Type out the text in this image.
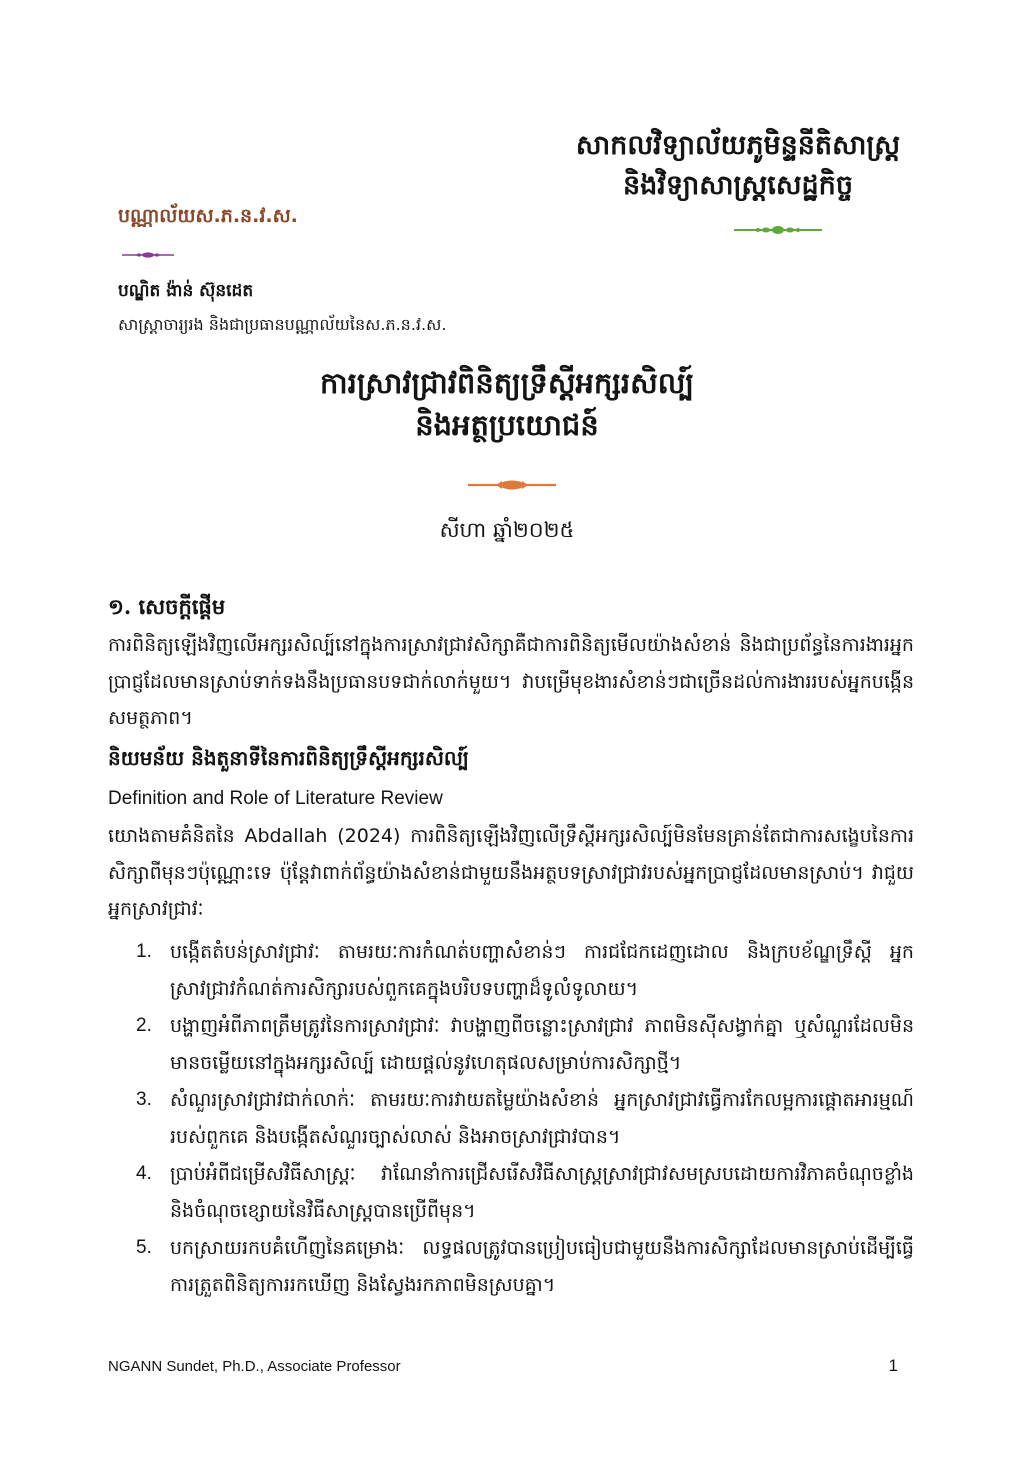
សាកលវិទ្យាល័យភូមិន្ទនីតិសាស្រ្ត
និងវិទ្យាសាស្រ្តសេដ្ឋកិច្ច
បណ្ណាល័យស.ភ.ន.វ.ស.
បណ្ឌិត ង៉ាន់ ស៊ុនដេត
សាស្ត្រាចារ្យរង និងជាប្រធានបណ្ណាល័យនៃស.ភ.ន.វ.ស.
ការស្រាវជ្រាវពិនិត្យទ្រឹស្តីអក្សរសិល្ប៍
និងអត្ថប្រយោជន៍
សីហា ឆ្នាំ២០២៥
១. សេចក្តីផ្តើម
ការពិនិត្យឡើងវិញលើអក្សរសិល្ប៍នៅក្នុងការស្រាវជ្រាវសិក្សាគឺជាការពិនិត្យមើលយ៉ាងសំខាន់ និងជាប្រព័ន្ធនៃការងារអ្នកប្រាជ្ញដែលមានស្រាប់ទាក់ទងនឹងប្រធានបទជាក់លាក់មួយ។ វាបម្រើមុខងារសំខាន់ៗជាច្រើនដល់ការងាររបស់អ្នកបង្កើនសមត្ថភាព។
និយមន័យ និងតួនាទីនៃការពិនិត្យទ្រឹស្តីអក្សរសិល្ប៍
Definition and Role of Literature Review
យោងតាមគំនិតនៃ Abdallah (2024) ការពិនិត្យឡើងវិញលើទ្រឹស្តីអក្សរសិល្ប៍មិនមែនគ្រាន់តែជាការសង្ខេបនៃការសិក្សាពីមុនៗប៉ុណ្ណោះទេ ប៉ុន្តែវាពាក់ព័ន្ធយ៉ាងសំខាន់ជាមួយនឹងអត្ថបទស្រាវជ្រាវរបស់អ្នកប្រាជ្ញដែលមានស្រាប់។ វាជួយអ្នកស្រាវជ្រាវៈ
1. បង្កើតតំបន់ស្រាវជ្រាវៈ តាមរយៈការកំណត់បញ្ហាសំខាន់ៗ ការជជែកដេញដោល និងក្របខ័ណ្ឌទ្រឹស្តី អ្នកស្រាវជ្រាវកំណត់ការសិក្សារបស់ពួកគេក្នុងបរិបទបញ្ហាដ៏ទូលំទូលាយ។
2. បង្ហាញអំពីភាពត្រឹមត្រូវនៃការស្រាវជ្រាវៈ វាបង្ហាញពីចន្លោះស្រាវជ្រាវ ភាពមិនស៊ីសង្វាក់គ្នា ឬសំណួរដែលមិនមានចម្លើយនៅក្នុងអក្សរសិល្ប៍ ដោយផ្តល់នូវហេតុផលសម្រាប់ការសិក្សាថ្មី។
3. សំណួរស្រាវជ្រាវជាក់លាក់ៈ តាមរយៈការវាយតម្លៃយ៉ាងសំខាន់ អ្នកស្រាវជ្រាវធ្វើការកែលម្អការផ្តោតអារម្មណ៍របស់ពួកគេ និងបង្កើតសំណួរច្បាស់លាស់ និងអាចស្រាវជ្រាវបាន។
4. ប្រាប់អំពីជម្រើសវិធីសាស្រ្តៈ វាណែនាំការជ្រើសរើសវិធីសាស្រ្តស្រាវជ្រាវសមស្របដោយការវិភាគចំណុចខ្លាំង និងចំណុចខ្សោយនៃវិធីសាស្រ្តបានប្រើពីមុន។
5. បកស្រាយរកបគំហើញនៃគម្រោងៈ លទ្ធផលត្រូវបានប្រៀបធៀបជាមួយនឹងការសិក្សាដែលមានស្រាប់ដើម្បីធ្វើការត្រួតពិនិត្យការរកឃើញ និងស្វែងរកភាពមិនស្របគ្នា។
NGANN Sundet, Ph.D., Associate Professor	1
